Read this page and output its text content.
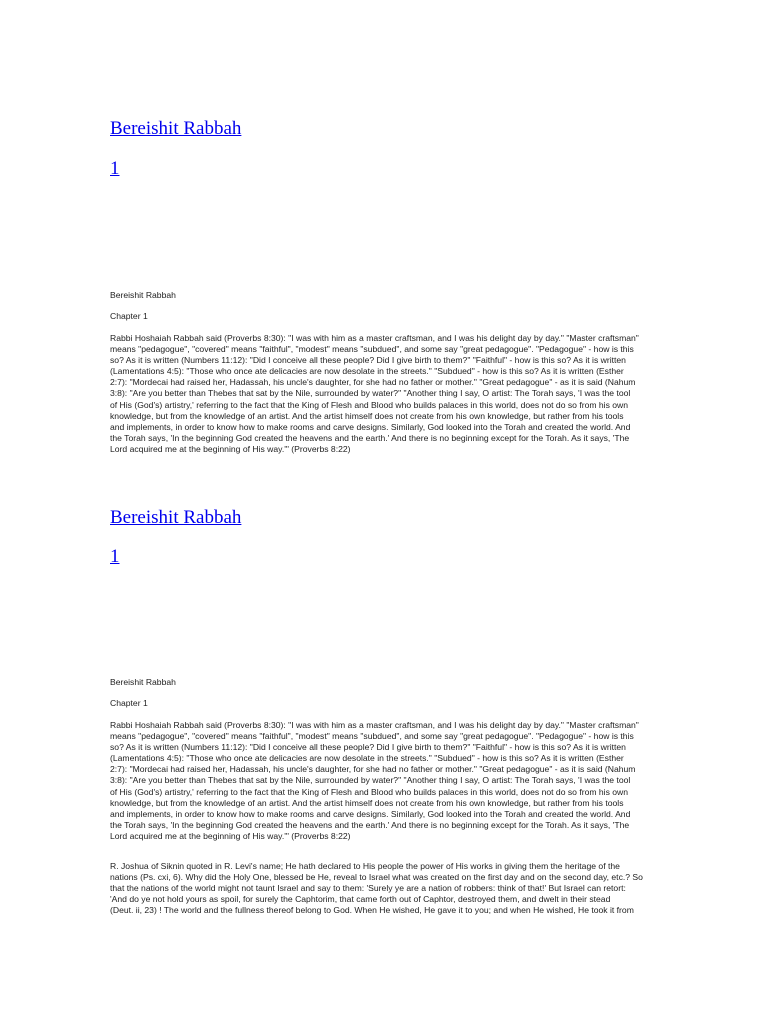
Bereishit Rabbah
1

Bereishit Rabbah

Chapter 1

Rabbi Hoshaiah Rabbah said (Proverbs 8:30): "I was with him as a master craftsman, and I was his delight day by day." "Master craftsman"
means "pedagogue", "covered" means "faithful", "modest" means "subdued", and some say "great pedagogue". "Pedagogue" - how is this
so? As it is written (Numbers 11:12): "Did I conceive all these people? Did I give birth to them?" "Faithful" - how is this so? As it is written
(Lamentations 4:5): "Those who once ate delicacies are now desolate in the streets." "Subdued" - how is this so? As it is written (Esther
2:7): "Mordecai had raised her, Hadassah, his uncle's daughter, for she had no father or mother." "Great pedagogue" - as it is said (Nahum
3:8): "Are you better than Thebes that sat by the Nile, surrounded by water?" "Another thing I say, O artist: The Torah says, 'I was the tool
of His (God's) artistry,' referring to the fact that the King of Flesh and Blood who builds palaces in this world, does not do so from his own
knowledge, but from the knowledge of an artist. And the artist himself does not create from his own knowledge, but rather from his tools
and implements, in order to know how to make rooms and carve designs. Similarly, God looked into the Torah and created the world. And
the Torah says, 'In the beginning God created the heavens and the earth.' And there is no beginning except for the Torah. As it says, 'The
Lord acquired me at the beginning of His way.'" (Proverbs 8:22)
Bereishit Rabbah
1

Bereishit Rabbah

Chapter 1

Rabbi Hoshaiah Rabbah said (Proverbs 8:30): "I was with him as a master craftsman, and I was his delight day by day." "Master craftsman"
means "pedagogue", "covered" means "faithful", "modest" means "subdued", and some say "great pedagogue". "Pedagogue" - how is this
so? As it is written (Numbers 11:12): "Did I conceive all these people? Did I give birth to them?" "Faithful" - how is this so? As it is written
(Lamentations 4:5): "Those who once ate delicacies are now desolate in the streets." "Subdued" - how is this so? As it is written (Esther
2:7): "Mordecai had raised her, Hadassah, his uncle's daughter, for she had no father or mother." "Great pedagogue" - as it is said (Nahum
3:8): "Are you better than Thebes that sat by the Nile, surrounded by water?" "Another thing I say, O artist: The Torah says, 'I was the tool
of His (God's) artistry,' referring to the fact that the King of Flesh and Blood who builds palaces in this world, does not do so from his own
knowledge, but from the knowledge of an artist. And the artist himself does not create from his own knowledge, but rather from his tools
and implements, in order to know how to make rooms and carve designs. Similarly, God looked into the Torah and created the world. And
the Torah says, 'In the beginning God created the heavens and the earth.' And there is no beginning except for the Torah. As it says, 'The
Lord acquired me at the beginning of His way.'" (Proverbs 8:22)
R. Joshua of Siknin quoted in R. Levi's name; He hath declared to His people the power of His works in giving them the heritage of the
nations (Ps. cxi, 6). Why did the Holy One, blessed be He, reveal to Israel what was created on the first day and on the second day, etc.? So
that the nations of the world might not taunt Israel and say to them: 'Surely ye are a nation of robbers: think of that!' But Israel can retort:
'And do ye not hold yours as spoil, for surely the Caphtorim, that came forth out of Caphtor, destroyed them, and dwelt in their stead
(Deut. ii, 23) ! The world and the fullness thereof belong to God. When He wished, He gave it to you; and when He wished, He took it from
